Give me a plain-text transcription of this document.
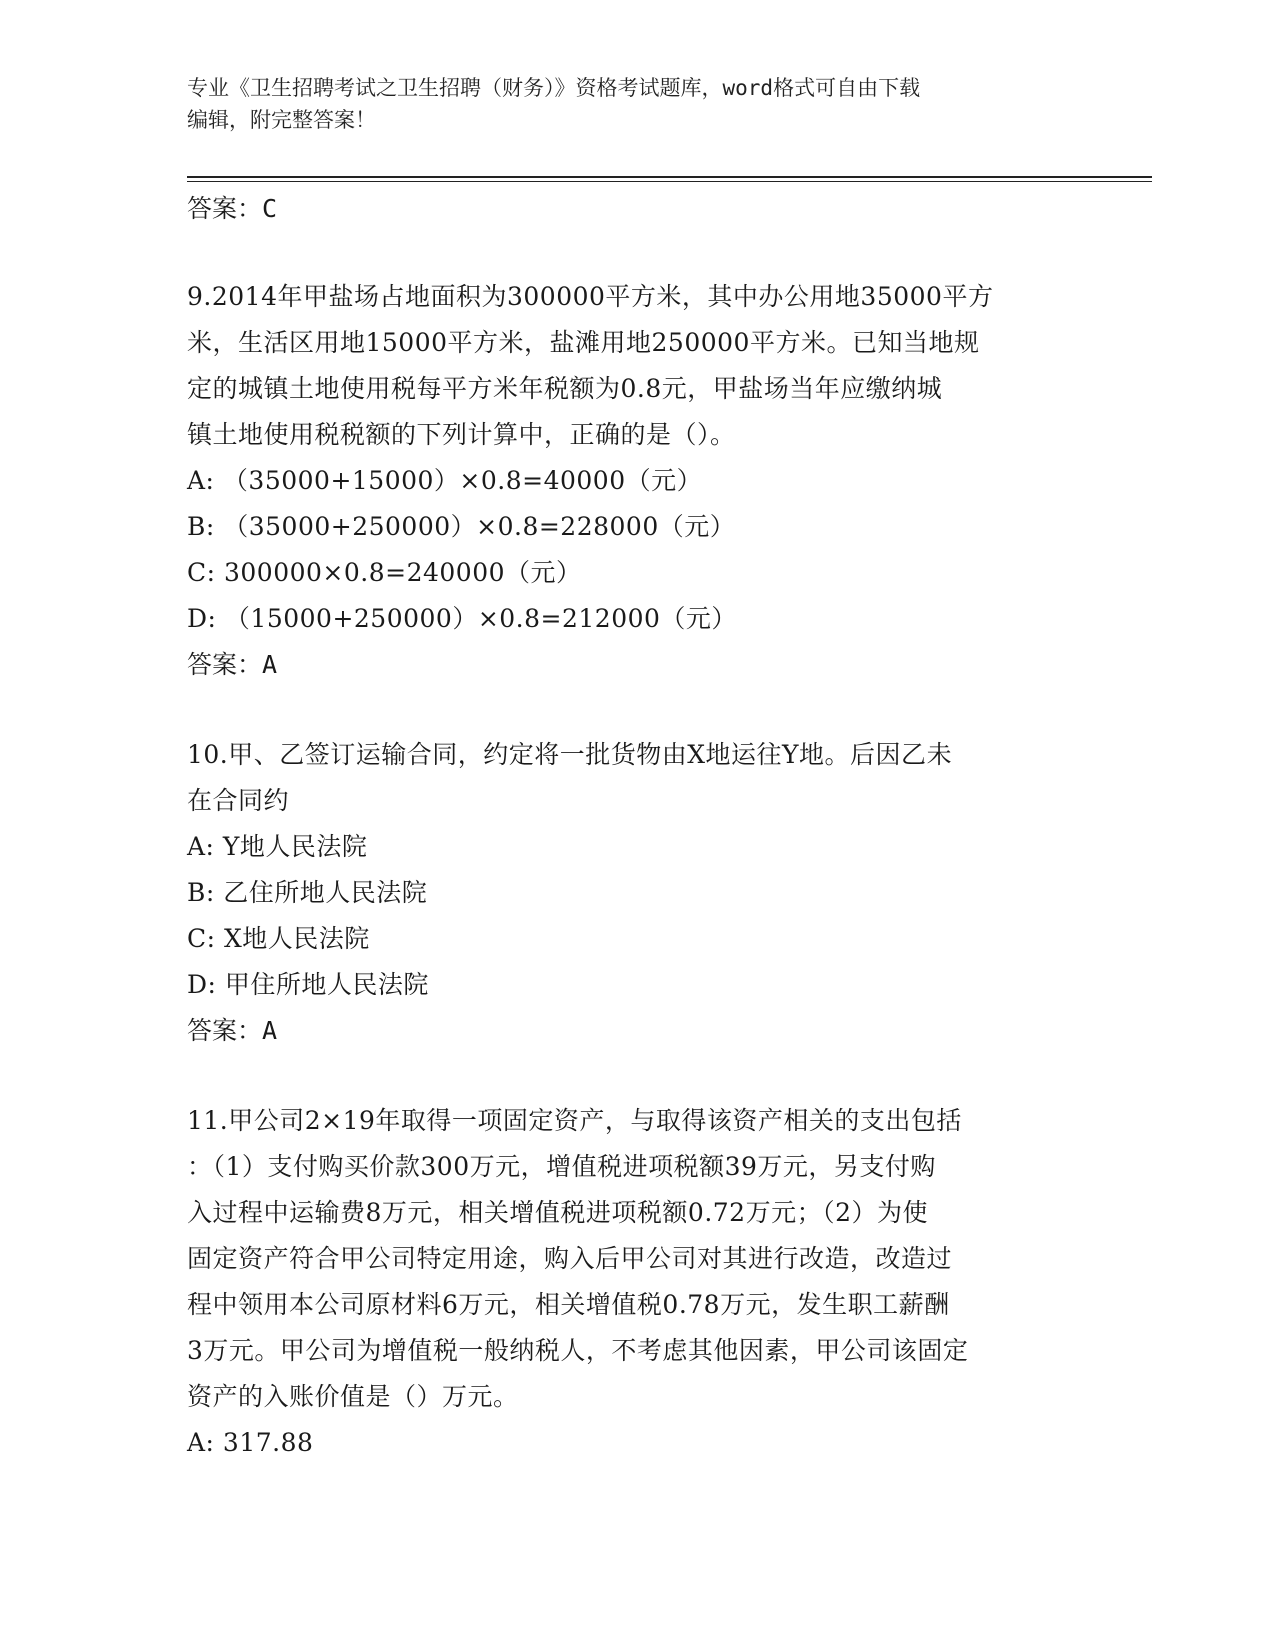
专业《卫生招聘考试之卫生招聘（财务）》资格考试题库，word格式可自由下载
编辑，附完整答案！
答案：C
9.2014年甲盐场占地面积为300000平方米，其中办公用地35000平方
米，生活区用地15000平方米，盐滩用地250000平方米。已知当地规
定的城镇土地使用税每平方米年税额为0.8元，甲盐场当年应缴纳城
镇土地使用税税额的下列计算中，正确的是（）。
A: （35000+15000）×0.8=40000（元）
B: （35000+250000）×0.8=228000（元）
C: 300000×0.8=240000（元）
D: （15000+250000）×0.8=212000（元）
答案：A
10.甲、乙签订运输合同，约定将一批货物由X地运往Y地。后因乙未
在合同约
A: Y地人民法院
B: 乙住所地人民法院
C: X地人民法院
D: 甲住所地人民法院
答案：A
11.甲公司2×19年取得一项固定资产，与取得该资产相关的支出包括
：（1）支付购买价款300万元，增值税进项税额39万元，另支付购
入过程中运输费8万元，相关增值税进项税额0.72万元；（2）为使
固定资产符合甲公司特定用途，购入后甲公司对其进行改造，改造过
程中领用本公司原材料6万元，相关增值税0.78万元，发生职工薪酬
3万元。甲公司为增值税一般纳税人，不考虑其他因素，甲公司该固定
资产的入账价值是（）万元。
A: 317.88
